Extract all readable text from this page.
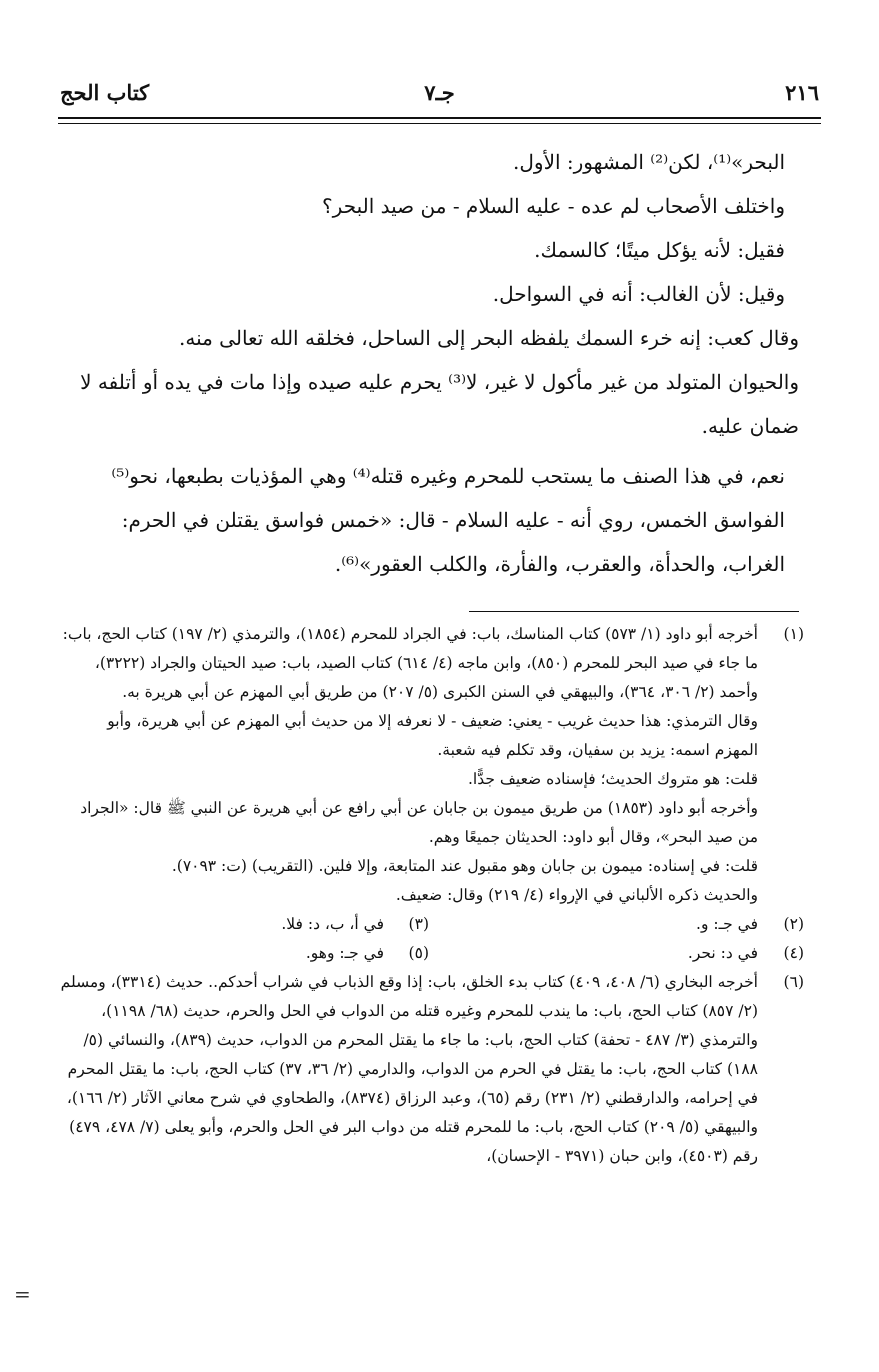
٢١٦
جـ٧
كتاب الحج

البحر»⁽¹⁾، لكن⁽²⁾ المشهور: الأول.

واختلف الأصحاب لم عده - عليه السلام - من صيد البحر؟

فقيل: لأنه يؤكل ميتًا؛ كالسمك.

وقيل: لأن الغالب: أنه في السواحل.

وقال كعب: إنه خرء السمك يلفظه البحر إلى الساحل، فخلقه الله تعالى منه.

والحيوان المتولد من غير مأكول لا غير، لا⁽³⁾ يحرم عليه صيده وإذا مات في يده أو أتلفه لا ضمان عليه.

نعم، في هذا الصنف ما يستحب للمحرم وغيره قتله⁽⁴⁾ وهي المؤذيات بطبعها، نحو⁽⁵⁾ الفواسق الخمس، روي أنه - عليه السلام - قال: «خمس فواسق يقتلن في الحرم: الغراب، والحدأة، والعقرب، والفأرة، والكلب العقور»⁽⁶⁾.

(١)

أخرجه أبو داود (١/ ٥٧٣) كتاب المناسك، باب: في الجراد للمحرم (١٨٥٤)، والترمذي (٢/ ١٩٧) كتاب الحج، باب: ما جاء في صيد البحر للمحرم (٨٥٠)، وابن ماجه (٤/ ٦١٤) كتاب الصيد، باب: صيد الحيتان والجراد (٣٢٢٢)، وأحمد (٢/ ٣٠٦، ٣٦٤)، والبيهقي في السنن الكبرى (٥/ ٢٠٧) من طريق أبي المهزم عن أبي هريرة به.

وقال الترمذي: هذا حديث غريب - يعني: ضعيف - لا نعرفه إلا من حديث أبي المهزم عن أبي هريرة، وأبو المهزم اسمه: يزيد بن سفيان، وقد تكلم فيه شعبة.

قلت: هو متروك الحديث؛ فإسناده ضعيف جدًّا.

وأخرجه أبو داود (١٨٥٣) من طريق ميمون بن جابان عن أبي رافع عن أبي هريرة عن النبي ﷺ قال: «الجراد من صيد البحر»، وقال أبو داود: الحديثان جميعًا وهم.

قلت: في إسناده: ميمون بن جابان وهو مقبول عند المتابعة، وإلا فلين. (التقريب) (ت: ٧٠٩٣).

والحديث ذكره الألباني في الإرواء (٤/ ٢١٩) وقال: ضعيف.

(٢)
في جـ: و.
(٣)
في أ، ب، د: فلا.
(٤)
في د: نحر.
(٥)
في جـ: وهو.
(٦)

أخرجه البخاري (٦/ ٤٠٨، ٤٠٩) كتاب بدء الخلق، باب: إذا وقع الذباب في شراب أحدكم.. حديث (٣٣١٤)، ومسلم (٢/ ٨٥٧) كتاب الحج، باب: ما يندب للمحرم وغيره قتله من الدواب في الحل والحرم، حديث (٦٨/ ١١٩٨)، والترمذي (٣/ ٤٨٧ - تحفة) كتاب الحج، باب: ما جاء ما يقتل المحرم من الدواب، حديث (٨٣٩)، والنسائي (٥/ ١٨٨) كتاب الحج، باب: ما يقتل في الحرم من الدواب، والدارمي (٢/ ٣٦، ٣٧) كتاب الحج، باب: ما يقتل المحرم في إحرامه، والدارقطني (٢/ ٢٣١) رقم (٦٥)، وعبد الرزاق (٨٣٧٤)، والطحاوي في شرح معاني الآثار (٢/ ١٦٦)، والبيهقي (٥/ ٢٠٩) كتاب الحج، باب: ما للمحرم قتله من دواب البر في الحل والحرم، وأبو يعلى (٧/ ٤٧٨، ٤٧٩) رقم (٤٥٠٣)، وابن حبان (٣٩٧١ - الإحسان)،

=
